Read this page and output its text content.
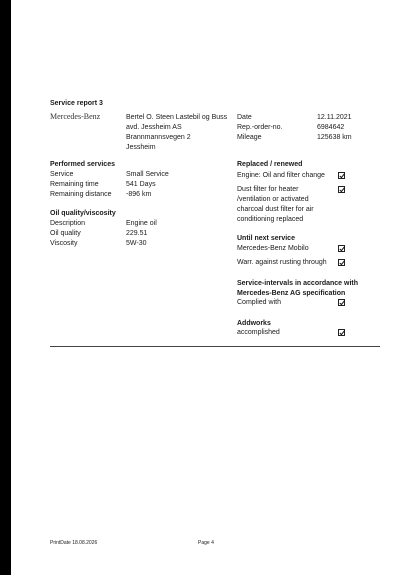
Service report 3
Mercedes-Benz	Bertel O. Steen Lastebil og Buss
avd. Jessheim AS
Brannmannsvegen 2
Jessheim
Date	12.11.2021
Rep.-order-no.	6984642
Mileage	125638 km
Performed services
Service	Small Service
Remaining time	541 Days
Remaining distance -896 km
Oil quality/viscosity
Description	Engine oil
Oil quality	229.51
Viscosity	5W-30
Replaced / renewed
Engine: Oil and filter change
Dust filter for heater
/ventilation or activated
charcoal dust filter for air
conditioning replaced
Until next service
Mercedes-Benz Mobilo
Warr. against rusting through
Service-intervals in accordance with
Mercedes-Benz AG specification
Complied with
Addworks
accomplished
PrintDate 18.08.2026	Page 4
